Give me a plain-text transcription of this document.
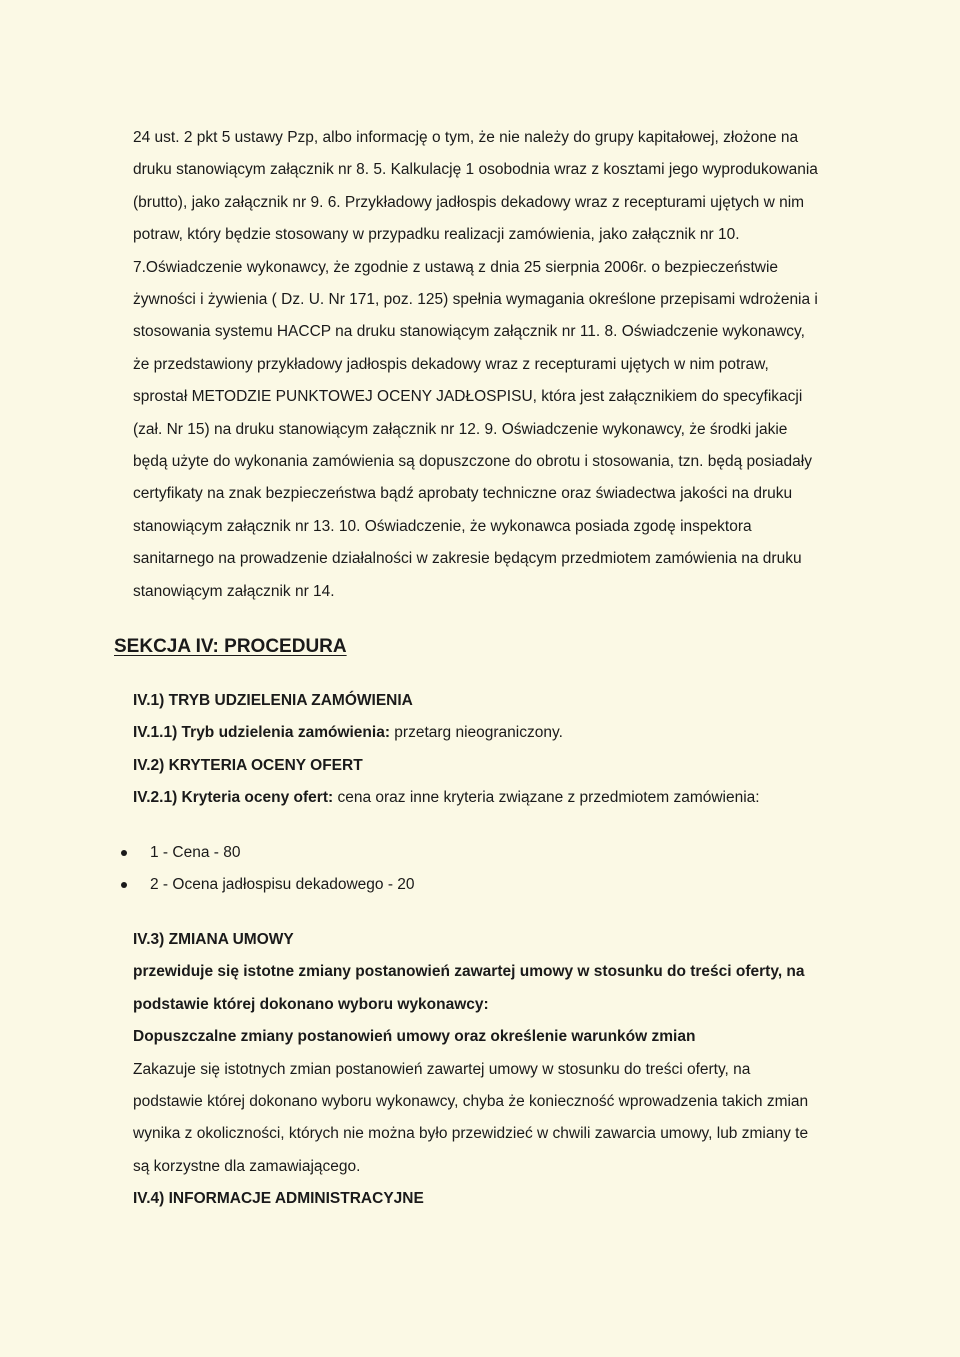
24 ust. 2 pkt 5 ustawy Pzp, albo informację o tym, że nie należy do grupy kapitałowej, złożone na
druku stanowiącym załącznik nr 8. 5. Kalkulację 1 osobodnia wraz z kosztami jego wyprodukowania
(brutto), jako załącznik nr 9. 6. Przykładowy jadłospis dekadowy wraz z recepturami ujętych w nim
potraw, który będzie stosowany w przypadku realizacji zamówienia, jako załącznik nr 10.
7.Oświadczenie wykonawcy, że zgodnie z ustawą z dnia 25 sierpnia 2006r. o bezpieczeństwie
żywności i żywienia ( Dz. U. Nr 171, poz. 125) spełnia wymagania określone przepisami wdrożenia i
stosowania systemu HACCP na druku stanowiącym załącznik nr 11. 8. Oświadczenie wykonawcy,
że przedstawiony przykładowy jadłospis dekadowy wraz z recepturami ujętych w nim potraw,
sprostał METODZIE PUNKTOWEJ OCENY JADŁOSPISU, która jest załącznikiem do specyfikacji
(zał. Nr 15) na druku stanowiącym załącznik nr 12. 9. Oświadczenie wykonawcy, że środki jakie
będą użyte do wykonania zamówienia są dopuszczone do obrotu i stosowania, tzn. będą posiadały
certyfikaty na znak bezpieczeństwa bądź aprobaty techniczne oraz świadectwa jakości na druku
stanowiącym załącznik nr 13. 10. Oświadczenie, że wykonawca posiada zgodę inspektora
sanitarnego na prowadzenie działalności w zakresie będącym przedmiotem zamówienia na druku
stanowiącym załącznik nr 14.

SEKCJA IV: PROCEDURA
IV.1) TRYB UDZIELENIA ZAMÓWIENIA
IV.1.1) Tryb udzielenia zamówienia: przetarg nieograniczony.
IV.2) KRYTERIA OCENY OFERT
IV.2.1) Kryteria oceny ofert: cena oraz inne kryteria związane z przedmiotem zamówienia:
1 - Cena - 80
2 - Ocena jadłospisu dekadowego - 20
IV.3) ZMIANA UMOWY
przewiduje się istotne zmiany postanowień zawartej umowy w stosunku do treści oferty, na
podstawie której dokonano wyboru wykonawcy:
Dopuszczalne zmiany postanowień umowy oraz określenie warunków zmian
Zakazuje się istotnych zmian postanowień zawartej umowy w stosunku do treści oferty, na
podstawie której dokonano wyboru wykonawcy, chyba że konieczność wprowadzenia takich zmian
wynika z okoliczności, których nie można było przewidzieć w chwili zawarcia umowy, lub zmiany te
są korzystne dla zamawiającego.
IV.4) INFORMACJE ADMINISTRACYJNE
